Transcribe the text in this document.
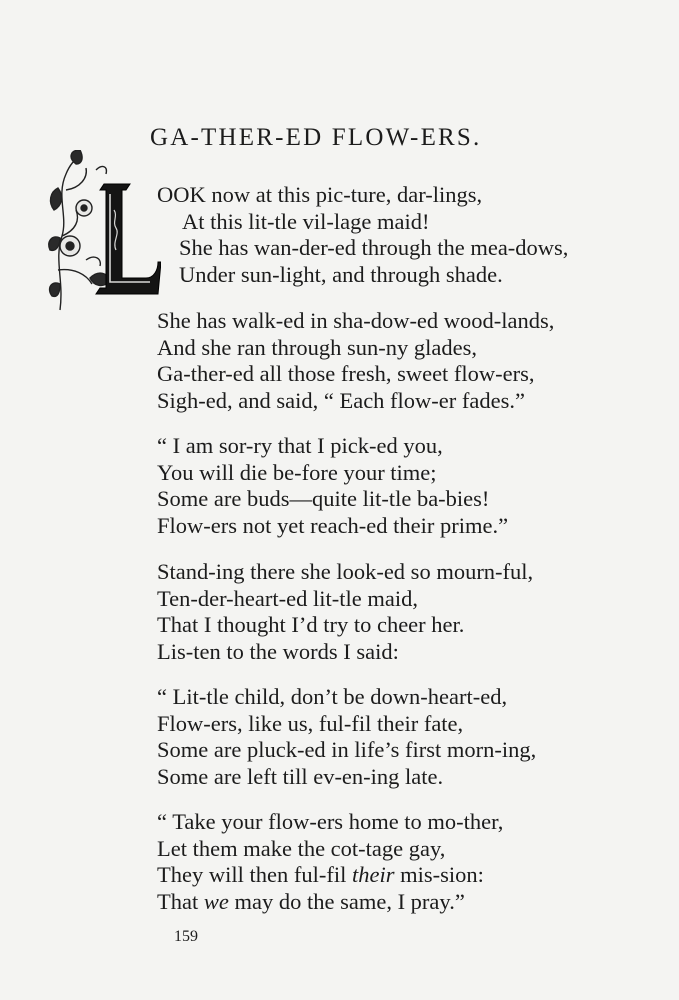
GA-THER-ED FLOW-ERS.
OOK now at this pic-ture, dar-lings,
At this lit-tle vil-lage maid!
She has wan-der-ed through the mea-dows,
Under sun-light, and through shade.
She has walk-ed in sha-dow-ed wood-lands,
And she ran through sun-ny glades,
Ga-ther-ed all those fresh, sweet flow-ers,
Sigh-ed, and said, “ Each flow-er fades.”
“ I am sor-ry that I pick-ed you,
You will die be-fore your time;
Some are buds—quite lit-tle ba-bies!
Flow-ers not yet reach-ed their prime.”
Stand-ing there she look-ed so mourn-ful,
Ten-der-heart-ed lit-tle maid,
That I thought I’d try to cheer her.
Lis-ten to the words I said:
“ Lit-tle child, don’t be down-heart-ed,
Flow-ers, like us, ful-fil their fate,
Some are pluck-ed in life’s first morn-ing,
Some are left till ev-en-ing late.
“ Take your flow-ers home to mo-ther,
Let them make the cot-tage gay,
They will then ful-fil their mis-sion:
That we may do the same, I pray.”
159
